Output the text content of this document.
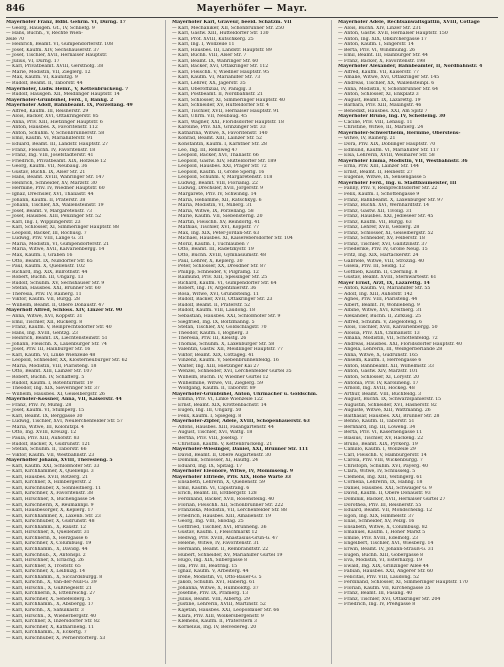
846	Mayerhöfer — Mayr.
Mayerhöfer Franz, Bdbl. Gehrm. VI, Dürng. 17
— Georg, Hausgeh. Gt., IV, Schliefg. 9
— Hans, Buchh., V, Rechte Wien-
zeile 70
— Heinrich, Beamt. VI, Gumpendorferstr. 108
— Josef, Kaufm. XIV, Sechshauserstr. 37
— Josef, Tischler, XVII, Hernalser Hauptstr.
— Julius, VI, Dürng. 17
— Karl, Privatbeamt. XVIII, Gersthofg. 38
— Marie, Modistin, VII, Zieglerg. 12
— Max, Kaufm. VI, Kaunitzg. 9
— Rudolf, Beamt. II, Taborstr. 44
Mayerhofer, Ludw. Heinr., V, Kettenbrückeng. 7
— Rudolf, Hausgeh. XII, Meidlinger Hauptstr. 14
Mayerhofer-Grünbühel, Ferd., I, Bankg. 2
Mayerhofer Adolf, Bahnbeamt. IX, Porzellang. 49
— Alfred, Kaufm. III, Reisnerstr. 29
— Alois, Bäcker, XVI, Ottakringerstr. 85
— Anna, Priv. XIII, Hietzinger Hauptstr. 6
— Anton, Hausbes. X, Favoritenstr. 112
— Anton, Schuhm. V, Schönbrunnerstr. 58
— Emil, Kaufm. VI, Mariahilferstr. 91
— Eduard, Beamt. III, Landstr. Hauptstr. 27
— Franz, Fleischh. IV, Favoritenstr. 18
— Franz, Ing. VIII, Josefstädterstr. 41
— Friedrich, Privatbeamt. XIX, Hofzeile 12
— Georg, Kaufm. VII, Neubaug. 36
— Gustav, Buchh. IX, Alser Str. 21
— Hans, Beamt. XVIII, Währinger Str. 147
— Heinrich, Schneider, XV, Märzstr. 30
— Hermine, Priv. IV, Wiedner Hauptstr. 60
— Ignaz, Drechsler, XVI, Thaliastr. 44
— Johann, Kaufm. II, Praterstr. 38
— Johann, Tischler, XX, Wallensteinstr. 19
— Josef, Beamt. V, Margaretenstr. 73
— Josef, Hausbes. XIII, Penzinger Str. 52
— Karl, Ing. I, Wipplingerstr. 23
— Karl, Schlosser, XI, Simmeringer Hauptstr. 88
— Leopold, Bäcker, III, Rochusg. 7
— Ludwig, Priv. VIII, Lange G. 31
— Maria, Modistin, VI, Gumpendorferstr. 21
— Maria, Witwe, XVII, Kalvarienbergg. 14
— Max, Kaufm. I, Graben 16
— Otto, Beamt. IX, Nußdorfer Str. 65
— Paul, Kaufm. X, Quellenstr. 102
— Richard, Ing. XIX, Billrothstr. 44
— Robert, Buchh. III, Ungarg. 13
— Rudolf, Schuhm. XV, Sechshauser Str. 9
— Stefan, Hausbes. XXI, Brünner Str. 60
— Theresia, Priv. IV, Rainerg. 11
— Viktor, Kaufm. VII, Burgg. 28
— Wilhelm, Beamt. II, Obere Donaustr. 47
Mayerhoff Alfred, Schloss. XIV, Linzer Str. 90
— Anna, Witwe, XVI, Koppstr. 31
— Emil, Tischler, XII, Ruckerg. 8
— Franz, Kaufm. V, Reinprechtsdorfer Str. 40
— Hans, Ing. XVIII, Gentzg. 23
— Heinrich, Beamt. IX, Liechtensteinstr. 51
— Johann, Fleischh. X, Laxenburger Str. 74
— Josef, Priv. III, Hainburger Str. 16
— Karl, Kaufm. VI, Linke Wienzeile 48
— Leopold, Schneider, XX, Klosterneuburger Str. 62
— Maria, Modistin, VIII, Piaristeng. 18
— Otto, Beamt. XIII, Lainzer Str. 107
— Robert, Buchh. IV, Schäfferg. 5
— Rudolf, Kaufm. I, Rotenturmstr. 19
— Theodor, Ing. XIX, Sieveringer Str. 37
— Wilhelm, Hausbes. XI, Geiselbergstr. 26
Mayerhofer-Kossner, Anna, VII, Kaiserstr. 44
— Franz, Priv. IV, Mühlg. 28
— Josef, Kaufm. VI, Stumperg. 15
— Karl, Beamt. IX, Berggasse 30
— Ludwig, Tischler, XVI, Neulerchenfelder Str. 57
— Maria, Witwe, III, Kolonitzpl. 4
— Otto, Ing. XVIII, Kreuzg. 12
— Paula, Priv. XIII, Auhofstr. 83
— Rudolf, Bäcker, X, Gudrunstr. 121
— Stefan, Schuhm. II, Taborstr. 66
— Viktor, Kaufm. VII, Westbahnstr. 23
Mayerhöffer Johann, XVIII, Theresieng. 5
— Karl, Kaufm. XXI, Schloßhofer Str. 33
— Karl, Kirchhammer, X, Quellenpl. 3
— Karl, Hausbes. XVII, Rötzerg. 21
— Karl, Kirchner, X, Himbergerstr. 2
— Karl, Kirschhuber, X, Sonnleitnerg. 11
— Karl, Kirschner, X, Favoritenstr. 38
— Karl, Hirschner, X, Buchengasse 54
— Karl, Kirschnerin, X, Reumannpl. 9
— Karl, Hausbesorger, X, Keplerg. 17
— Karl, Kirchhammer, X, Laxenb. Str. 23
— Karl, Kirschhuber, X, Gudrunstr. 48
— Karl, Kirchhamm., X, Raxstr. 12
— Karl, Hirschner, X, Quellenstr. 31
— Karl, Kirchnerin, X, Herzgasse 6
— Karl, Kirschner, X, Columbusg. 19
— Karl, Kirchhamm., X, Davidg. 44
— Karl, Kirschhub., X, Antonspl. 2
— Karl, Hirschner, X, Erlachg. 26
— Karl, Kirchner, X, Troststr. 65
— Karl, Kirschner, X, Leibnizg. 14
— Karl, Kirchhamm., X, Siccardsburgg. 8
— Karl, Kirschh., X, Van-der-Nüll-G. 39
— Karl, Hirschn., X, Gußriegelstr. 21
— Karl, Kirchnerin, X, Ettenreichg. 27
— Karl, Kirschner, X, Senefelderg. 5
— Karl, Kirchhamm., X, Absbergg. 17
— Karl, Kirschh., X, Sahulkastr. 3
— Karl, Hirschn., X, Wienerbergstr. 40
— Karl, Kirchner, X, Inzersdorfer Str. 82
— Karl, Kirschner, X, Katharineng. 11
— Karl, Kirchhamm., X, Eckertg. 7
— Karl, Kirschhuber, X, Pernerstorferg. 53
Mayerhofer Karl, Graveur, beeid. Schätzm. VII
— Karl, Mechaniker, XII, Schönbrunner Str. 250
— Karl, Gastw. XIII, Hütteldorfer Str. 130
— Karl, Prof. XVIII, Kutschkerg. 25
— Karl, Ing. I, Wollzeile 11
— Karl, Hausbes. III, Landstr. Hauptstr. 89
— Karl, Buchh. VIII, Alser Str. 7
— Karl, Beamt. IX, Währinger Str. 60
— Karl, Bäcker, XVI, Ottakringer Str. 112
— Karl, Fleischh. V, Wiedner Hauptstr. 95
— Karl, Kaufm. VI, Mariahilfer Str. 73
— Karl, Lehrer, XX, Jägerstr. 35
— Karl, Oberoffizial, IV, Paniglg. 3
— Karl, Postbeamt. II, Nordbahnstr. 21
— Karl, Schlosser, XI, Simmeringer Hauptstr. 40
— Karl, Schneider, XV, Hütteldorfer Str. 4
— Karl, Tischler, XVII, Hernalser Hauptstr. 91
— Karl, Uhrm. VII, Neubaug. 45
— Karl, Wagner, XXI, Floridsdorfer Hauptstr. 18
— Karoline, Priv. XIX, Grinzinger Str. 33
— Katharina, Witwe, X, Favoritenstr. 140
— Konrad, Beamt. XIII, Lainzer Str. 52
— Konstantin, Kaufm. I, Kärntner Str. 28
— Leo, Ing. III, Rennweg 47
— Leopold, Bäcker, XVI, Thaliastr. 66
— Leopold, Gastw. XIV, Hütteldorfer Str. 189
— Leopold, Hausbes. XXI, Prager Str. 72
— Leopold, Kaufm. II, Große Sperlg. 16
— Leopold, Schuhm. V, Margaretenstr. 118
— Ludwig, Beamt. VIII, Florianig. 22
— Ludwig, Drechsler, XVII, Jörgerstr. 9
— Margarete, Priv. IV, Schwindg. 14
— Maria, Hebamme, XII, Ratschkyg. 6
— Maria, Modistin, VI, Millerg. 31
— Maria, Witwe, IX, Porzellang. 58
— Marie, Kaufm. VII, Siebensterng. 20
— Martin, Fleischh. XV, Reindorfg. 41
— Mathias, Tischler, XVI, Koppstr. 77
— Max, Ing. XIX, Peter-Jordan-Str. 63
— Michael, Hausbes. XI, Kaiserebersdorfer Str. 104
— Moriz, Kaufm. I, Tuchlauben 7
— Otto, Beamt. III, Radetzkystr. 19
— Otto, Buchh. XVIII, Gymnasiumstr. 48
— Paul, Lehrer, X, Keplerg. 30
— Peter, Schlosser, XX, Dresdner Str. 87
— Philipp, Schneider, V, Pilgramg. 12
— Raimund, Priv. XIII, Speisinger Str. 25
— Richard, Kaufm. VI, Gumpendorfer Str. 64
— Robert, Ing. IV, Argentinierstr. 36
— Rosa, Witwe, XVI, Grundsteing. 11
— Rudolf, Bäcker, XVII, Ottakringer Str. 23
— Rudolf, Beamt. II, Praterstr. 52
— Rudolf, Kaufm. VIII, Laudong. 18
— Sebastian, Hausbes. XXI, Schloßhofer Str. 9
— Siegfried, Ing. IX, Boltzmanng. 5
— Stefan, Tischler, XV, Goldschlagstr. 70
— Theodor, Kaufm. I, Bognerg. 3
— Theresia, Priv. III, Kleistg. 26
— Thomas, Schuhm. X, Laxenburger Str. 58
— Valentin, Gastw. XII, Meidlinger Hauptstr. 77
— Viktor, Beamt. XIX, Cottageg. 41
— Vinzenz, Kaufm. V, Siebenbrunnenfeldg. 16
— Walter, Ing. XIII, Hietzinger Kai 27
— Wenzel, Schneider, XVI, Lerchenfelder Gürtel 35
— Wilhelm, Buchh. IV, Wiedner Gürtel 12
— Wilhelmine, Witwe, VII, Zieglerg. 59
— Wolfgang, Kaufm. II, Taborstr. 89
Mayerhofer-Grünbühel, Anton, Uhrmacher u. Goldschm.
— Emma, Priv. VI, Linke Wienzeile 122
— Ernst, Beamt. XIX, Krottenbachstr. 14
— Eugen, Ing. III, Ungarg. 50
— Felix, Kaufm. I, Spiegelg. 8
Mayerhofer-Zipfer, Adele, XVIII, Schopenhauerstr. 63
— Alfons, Hausbes. XIII, Fasangartenstr. 44
— August, Tischler, XVI, Wattg. 18
— Bertha, Priv. VIII, Josefsg. 7
— Christian, Kaufm. V, Kettenbrückeng. 21
Mayerhofer-Wiesinger, Daniel, XXI, Brünner Str. 111
— David, Beamt. II, Obere Augartenstr. 30
— Dominik, Schlosser, XI, Hauffg. 24
— Eduard, Ing. IX, Spitalg. 17
Mayerhofer Eleonore, Witwe, IV, Mommseng. 9
Mayerhofer Elfriede, Priv. XIX, Hohe Warte 33
— Elisabeth, Lehrerin, X, Quellenstr. 59
— Emil, Kaufm. VI, Capistrang. 6
— Erich, Beamt. III, Erdbergstr. 128
— Ferdinand, Bäcker, XVII, Rosensteing. 40
— Florian, Fleischh. XII, Schönbrunner Str. 222
— Franziska, Modistin, VII, Lerchenfelder Str. 88
— Friedrich, Hausbes. XIII, Amalienstr. 19
— Georg, Ing. VIII, Skodag. 25
— Gottfried, Tischler, XVI, Brunneng. 36
— Gustav, Kaufm. I, Fleischmarkt 12
— Hedwig, Priv. XVIII, Anastasius-Grün-G. 47
— Helene, Witwe, IV, Favoritenstr. 31
— Hermann, Beamt. II, Rembrandtstr. 22
— Hubert, Schneider, XV, Mariahilfer Gürtel 19
— Hugo, Ing. XIX, Silbergasse 8
— Ida, Priv. III, Beatrixg. 15
— Ignaz, Kaufm. V, Arbeiterg. 44
— Irene, Modistin, VI, Otto-Bauer-G. 5
— Jakob, Schuhm. XVI, Haberlg. 61
— Johanna, Witwe, X, Humboldtg. 37
— Josefine, Priv. IX, Pramerg. 13
— Julius, Beamt. VIII, Albertg. 29
— Justine, Lehrerin, XVIII, Martinstr. 52
— Kajetan, Hausbes. XXI, Leopoldauer Str. 66
— Klara, Priv. XIII, Wolkersbergenstr. 9
— Klemens, Kaufm. II, Praterstern 3
— Kornelius, Ing. IV, Belvedereg. 20
Mayerhofer Adele, Rechtsanwaltsgattin, XVIII, Cottage
— Alois, Buchh. XIV, Linzer Str. 231
— Anton, Gastw. XVII, Hernalser Hauptstr. 150
— Anton, Ing. XIX, Obkirchergasse 17
— Anton, Kaufm. I, Singerstr. 14
— Berta, Priv. VI, Windmühlg. 26
— Emil, Beamt. III, Hainburger Str. 44
— Franz, Bäcker, X, Favoritenstr. 198
Mayerhofer Alexander, Bahnbeamter, II, Nordbahnstr. 4
— Alfred, Kaufm. VII, Kaiserstr. 77
— Amalie, Witwe, XVI, Ottakringer Str. 145
— Andreas, Tischler, XX, Wallensteinpl. 6
— Anna, Modistin, V, Schönbrunner Str. 64
— Anton, Schlosser, XI, Enkplatz 3
— August, Beamt. IX, Lazarettg. 19
— Barbara, Priv. XIII, Maxingstr. 46
— Benedikt, Hausbes. XXI, Am Spitz 7
Mayerhofer Bruno, Ing. IV, Schelleing. 30
— Cäcilie, Priv. VIII, Lenaug. 11
— Christine, Witwe, III, Marxerg. 24
Mayerhofer-Schwertheim, Hermine, Oberstens-
— witwe, IV, Rainerg. 21
— Dora, Priv. XIX, Döblinger Hauptstr. 70
— Edmund, Kaufm. VI, Mariahilfer Str. 117
— Elsa, Lehrerin, XVIII, Weimarer Str. 58
Mayerhofer Emma, Modistin, VII, Westbahnstr. 36
— Erna, Priv. XIII, Lainzer Str. 144
— Ernst, Beamt. II, Heinestr. 27
— Eugenie, Witwe, IX, Sensengasse 5
Mayerhofer Ferd., Ing. u. Stadtbaumeister, III
— Fanny, Priv. V, Reinprechtsdorfer Str. 22
— Felix, Kaufm. I, Schottengasse 9
— Franz, Bahnbeamt. X, Laxenburger Str. 97
— Franz, Buchh. XVI, Wernhardtstr. 14
— Franz, Gastw. XII, Tivolig. 31
— Franz, Hausbes. XXI, Jedleseer Str. 45
— Franz, Kaufm. VII, Burgg. 63
— Franz, Lehrer, XVII, Geblerg. 28
— Franz, Schlosser, XI, Geiselbergstr. 52
— Franz, Schneider, XV, Felberstr. 18
— Franz, Tischler, XVI, Gallitzinstr. 37
— Friederike, Priv. IV, Große Neug. 15
— Fritz, Ing. XIX, Hartäckerstr. 24
— Gabriele, Witwe, VIII, Strozzig. 40
— Gisela, Priv. III, Seidlg. 12
— Gottlieb, Kaufm. II, Czerning. 8
— Gustav, Beamt. XVIII, Sternwartestr. 61
Mayer Ernst, Arzt, IX, Lazarettg. 14
— Anton, Kaufm. VI, Mariahilfer Str. 55
— Adolf, Ing. XIII, Auhofstr. 142
— Agnes, Priv. VIII, Piaristeng. 44
— Albert, Beamt. IV, Wohllebeng. 9
— Albine, Witwe, XVI, Kreitnerg. 31
— Alexander, Buchh. II, Zirkusg. 25
— Alfred, Schuhm. V, Ziegelofeng. 6
— Alois, Tischler, XVII, Kalvarienbergg. 50
— Aloisia, Priv. XIX, Chimanistr. 13
— Amalia, Modistin, VII, Schottenfeldg. 72
— Andreas, Hausbes. XXI, Floridsdorfer Hauptstr. 40
— Angela, Lehrerin, III, Weißgerberlände 28
— Anna, Witwe, X, Gudrunstr. 165
— Anselm, Kaufm. I, Herrengasse 6
— Anton, Bahnbeamt. XII, Wilhelmstr. 33
— Anton, Gastw. XIV, Märzstr. 101
— Anton, Schlosser, XI, Lorystr. 20
— Antonia, Priv. IV, Karolineng. 17
— Arnold, Ing. XVIII, Hockeg. 48
— Arthur, Beamt. VIII, Buchfeldg. 3
— August, Buchh. IX, Schwarzspanierstr. 15
— Augustin, Schneider, XVI, Hasnerstr. 82
— Auguste, Witwe, XIII, Wattmanng. 26
— Balthasar, Hausbes. XXI, Brünner Str. 28
— Benno, Kaufm. II, Taborstr. 51
— Bernhard, Ing. III, Löweng. 34
— Berta, Priv. VI, Kasernengasse 11
— Blasius, Tischler, XV, Hackeng. 22
— Bruno, Beamt. XIX, Pyrkerg. 19
— Camillo, Kaufm. I, Wollzeile 29
— Carl, Fleischh. V, Hamburgerstr. 14
— Carola, Priv. VIII, Wickenburgg. 7
— Christoph, Schuhm. XVI, Payerg. 40
— Clara, Witwe, IV, Schlüsselg. 5
— Clemens, Ing. XIII, Veitingerg. 61
— Cornelia, Lehrerin, IX, Hahng. 18
— Daniel, Hausbes. XXI, Schwaiger G. 9
— David, Kaufm. II, Obere Donaustr. 93
— Dominik, Bäcker, XVII, Hernalser Gürtel 27
— Dorothea, Priv. III, Reisnerstr. 55
— Eduard, Beamt. VII, Mondscheing. 12
— Egon, Ing. XIX, Himmelstr. 37
— Elias, Schneider, XV, Pelzg. 16
— Elisabeth, Witwe, X, Columbusg. 82
— Emanuel, Kaufm. I, Hoher Markt 5
— Emilie, Priv. XVIII, Edelhofg. 23
— Engelbert, Tischler, XVI, Wiesberg. 14
— Erwin, Beamt. IV, Johann-Strauß-G. 31
— Eugen, Buchh. XIII, Gobergasse 8
— Eva, Modistin, VI, Esterházyg. 19
— Ewald, Ing. XIX, Grinzinger Allee 44
— Fabian, Hausbes. XXI, Angerer Str. 60
— Felicitas, Priv. VIII, Laudong. 52
— Ferdinand, Schlosser, XI, Simmeringer Hauptstr. 170
— Florian, Kaufm. VII, Kirchengasse 35
— Franz, Beamt. III, Fasang. 40
— Franz, Tischler, XVI, Ottakringer Str. 204
— Friedrich, Ing. IV, Preßgasse 8
